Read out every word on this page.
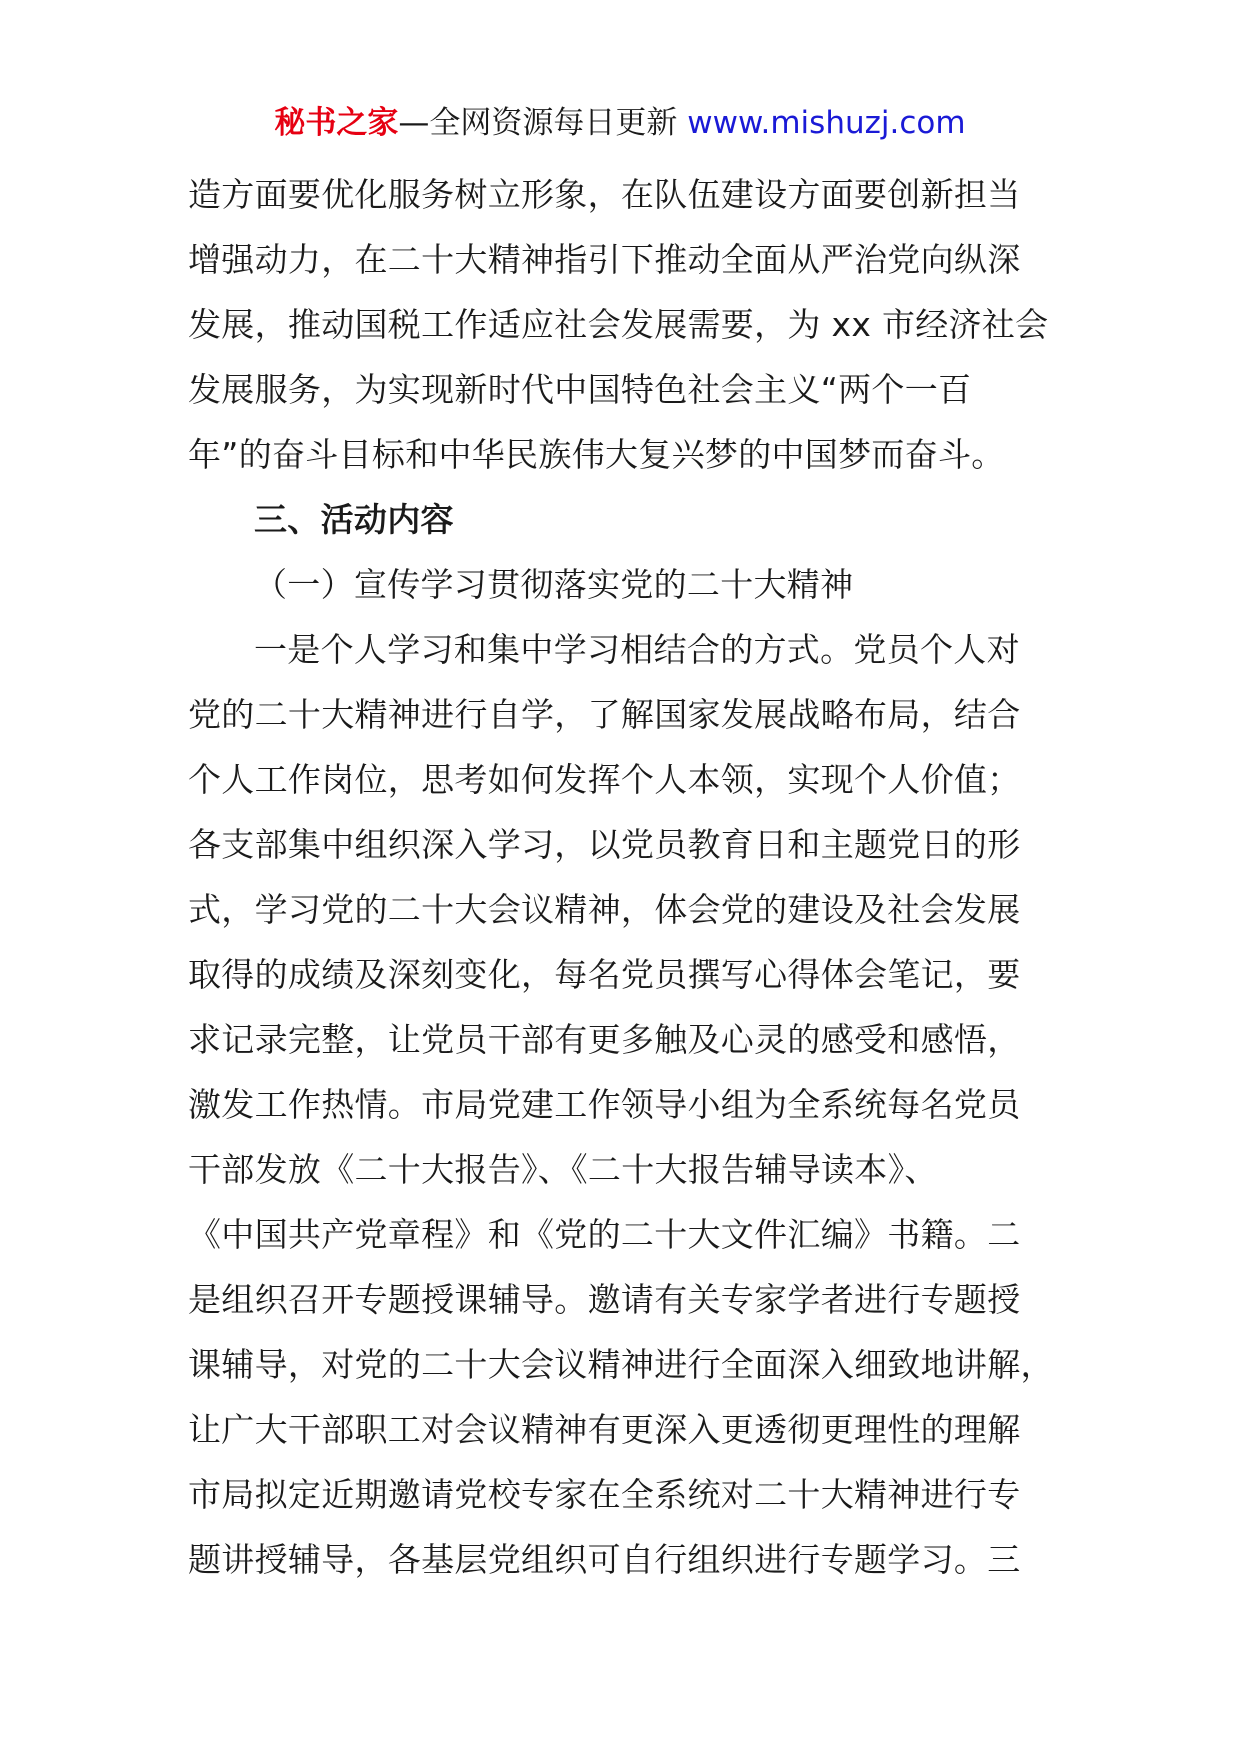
秘书之家—全网资源每日更新 www.mishuzj.com
造方面要优化服务树立形象，在队伍建设方面要创新担当
增强动力，在二十大精神指引下推动全面从严治党向纵深
发展，推动国税工作适应社会发展需要，为 xx 市经济社会
发展服务，为实现新时代中国特色社会主义“两个一百
年”的奋斗目标和中华民族伟大复兴梦的中国梦而奋斗。
三、活动内容
（一）宣传学习贯彻落实党的二十大精神
一是个人学习和集中学习相结合的方式。党员个人对
党的二十大精神进行自学，了解国家发展战略布局，结合
个人工作岗位，思考如何发挥个人本领，实现个人价值；
各支部集中组织深入学习，以党员教育日和主题党日的形
式，学习党的二十大会议精神，体会党的建设及社会发展
取得的成绩及深刻变化，每名党员撰写心得体会笔记，要
求记录完整，让党员干部有更多触及心灵的感受和感悟，
激发工作热情。市局党建工作领导小组为全系统每名党员
干部发放《二十大报告》、《二十大报告辅导读本》、
《中国共产党章程》和《党的二十大文件汇编》书籍。二
是组织召开专题授课辅导。邀请有关专家学者进行专题授
课辅导，对党的二十大会议精神进行全面深入细致地讲解，
让广大干部职工对会议精神有更深入更透彻更理性的理解
市局拟定近期邀请党校专家在全系统对二十大精神进行专
题讲授辅导，各基层党组织可自行组织进行专题学习。三
